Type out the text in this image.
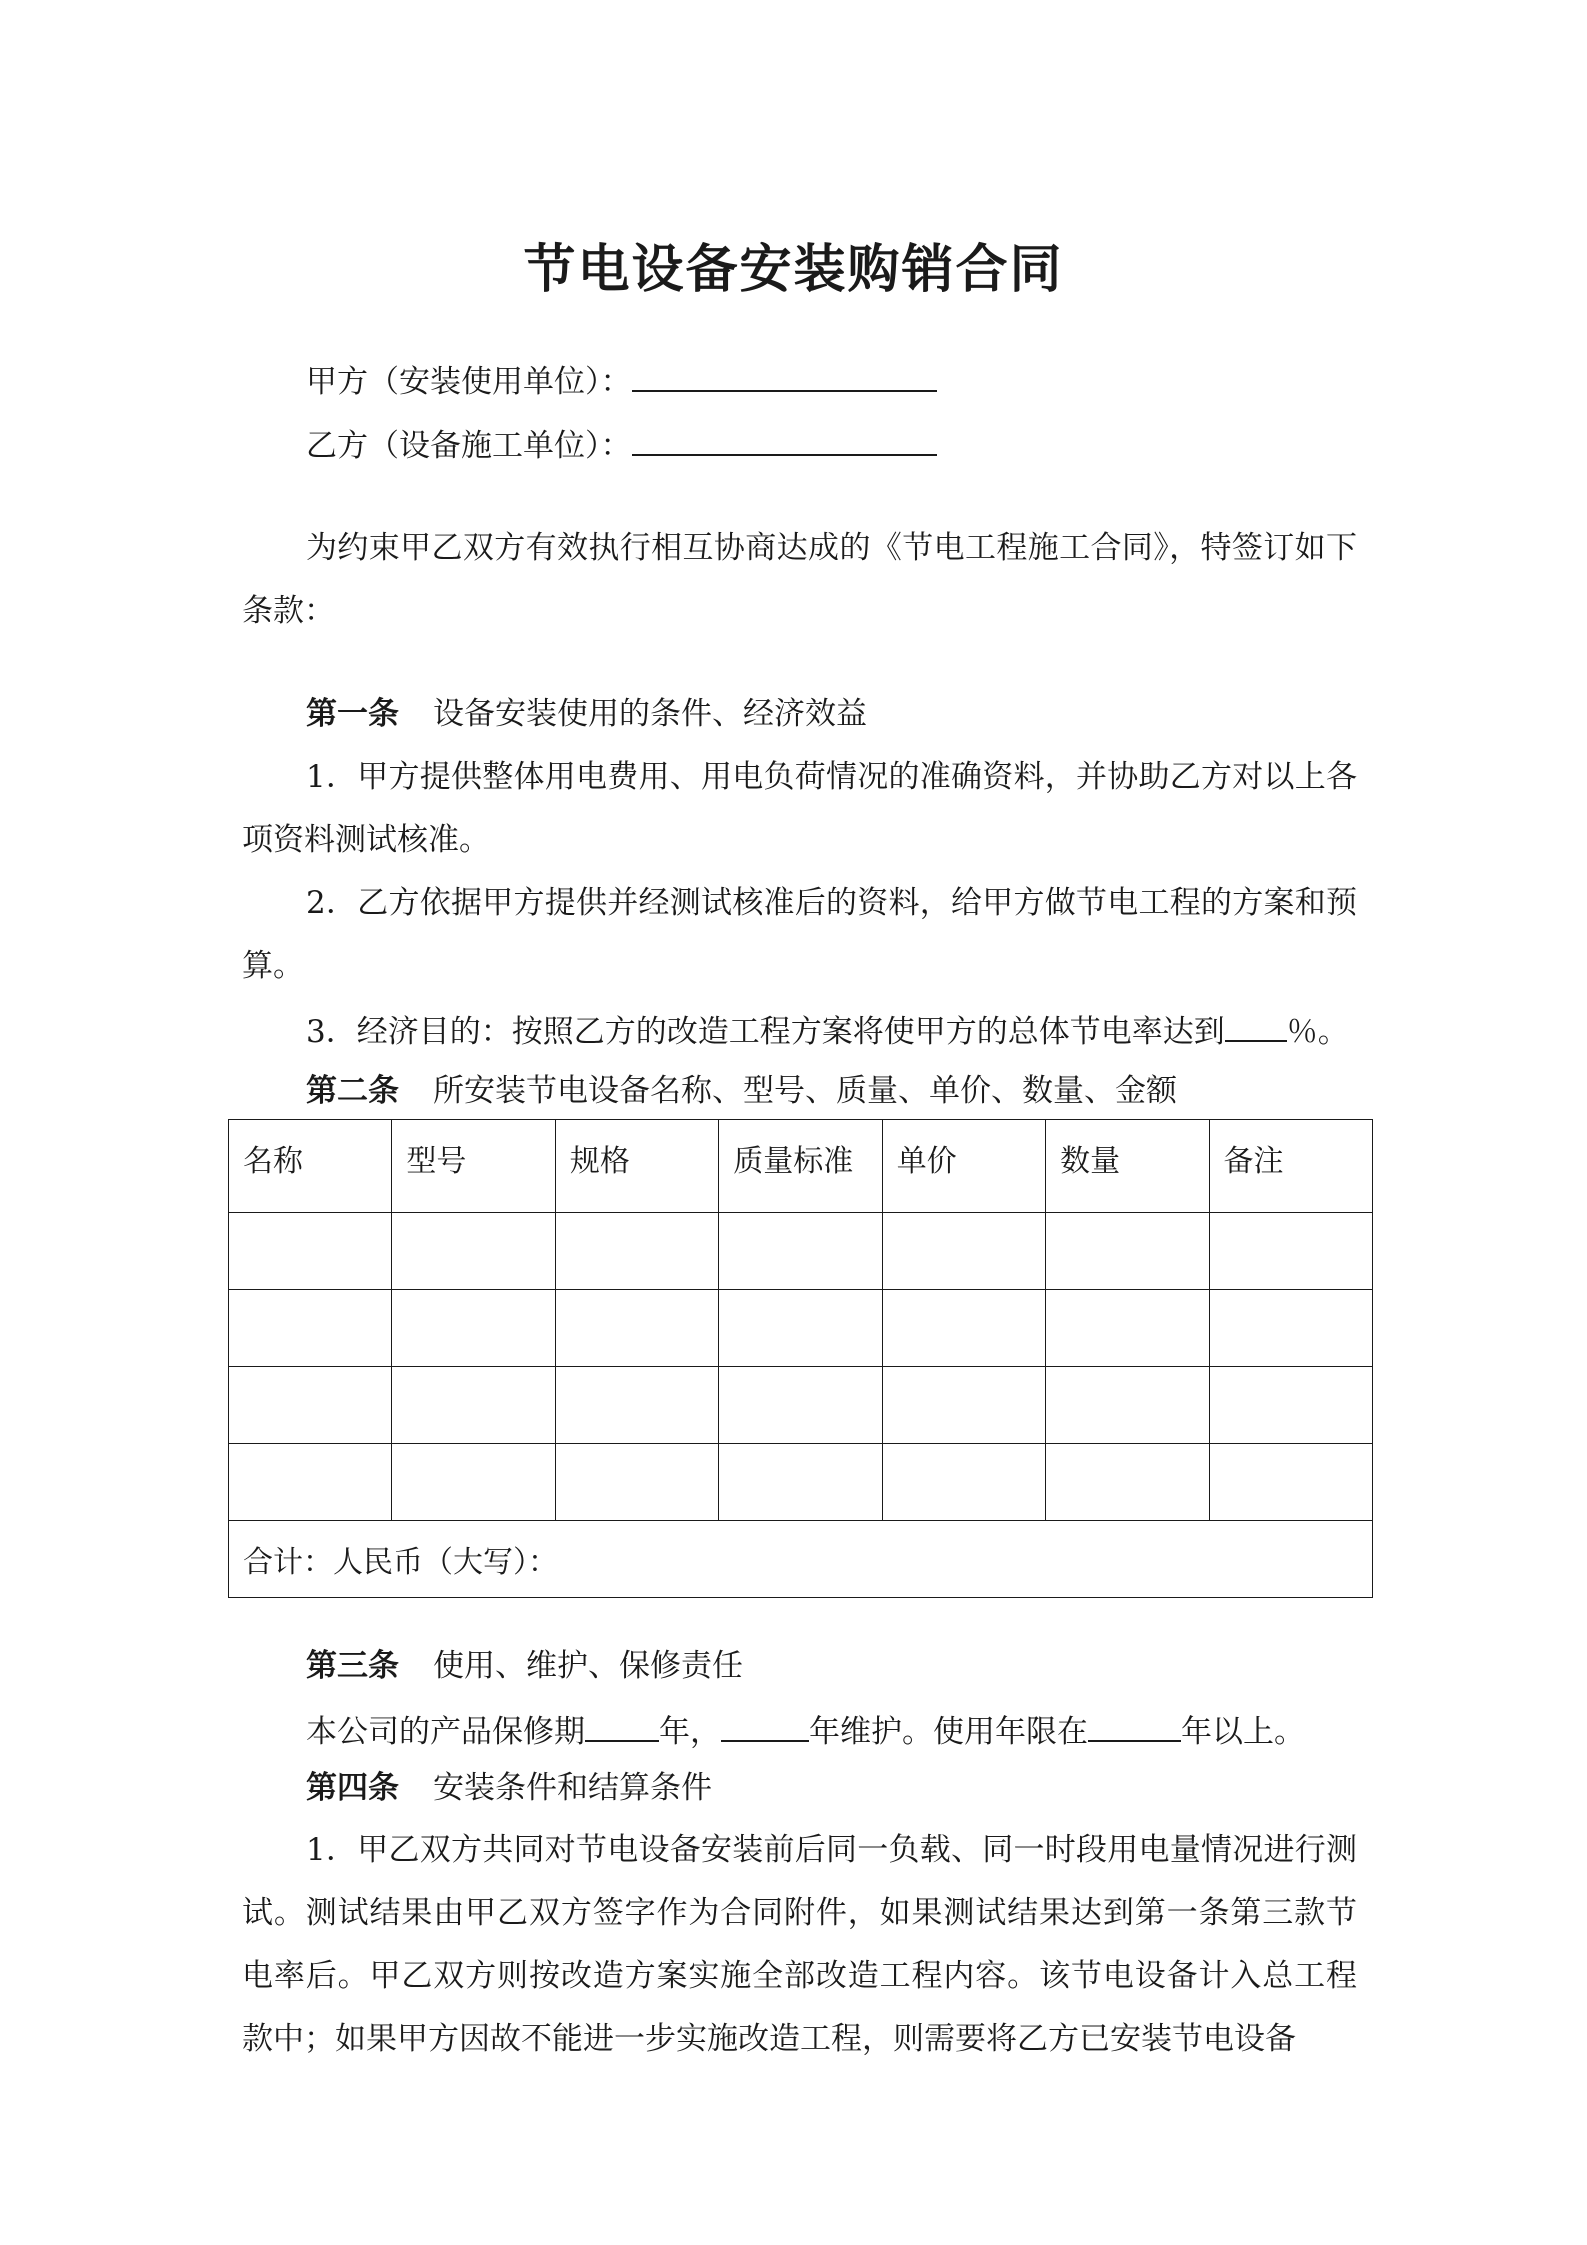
节电设备安装购销合同
甲方（安装使用单位）：
乙方（设备施工单位）：
为约束甲乙双方有效执行相互协商达成的《节电工程施工合同》，特签订如下条款：
第一条 设备安装使用的条件、经济效益
1．甲方提供整体用电费用、用电负荷情况的准确资料，并协助乙方对以上各项资料测试核准。
2．乙方依据甲方提供并经测试核准后的资料，给甲方做节电工程的方案和预算。
3．经济目的：按照乙方的改造工程方案将使甲方的总体节电率达到 ％。
第二条 所安装节电设备名称、型号、质量、单价、数量、金额
名称	型号	规格	质量标准	单价	数量	备注

合计：人民币（大写）：						
第三条 使用、维护、保修责任
本公司的产品保修期 年，	年维护。使用年限在	年以上。
第四条 安装条件和结算条件
1．甲乙双方共同对节电设备安装前后同一负载、同一时段用电量情况进行测试。测试结果由甲乙双方签字作为合同附件，如果测试结果达到第一条第三款节电率后。甲乙双方则按改造方案实施全部改造工程内容。该节电设备计入总工程款中；如果甲方因故不能进一步实施改造工程，则需要将乙方已安装节电设备
